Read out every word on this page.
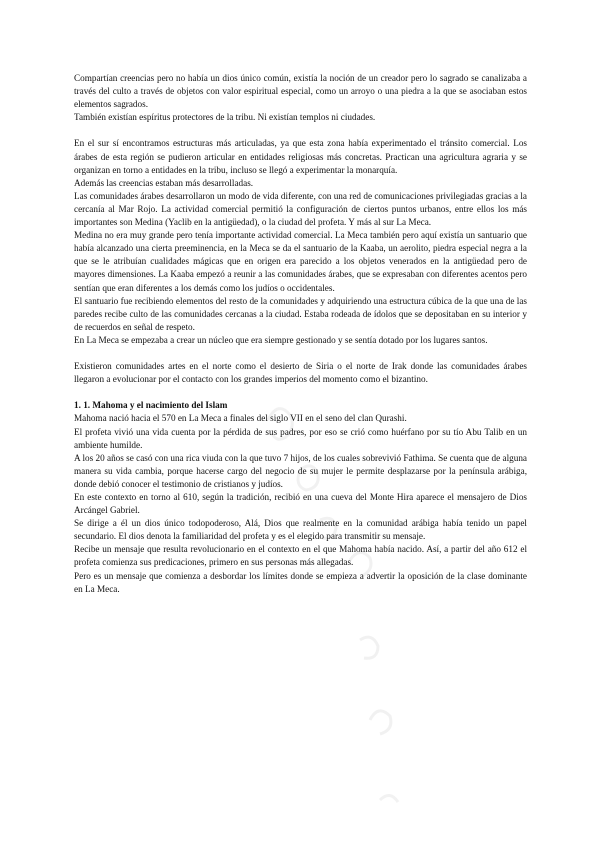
Compartían creencias pero no había un dios único común, existía la noción de un creador pero lo sagrado se canalizaba a través del culto a través de objetos con valor espiritual especial, como un arroyo o una piedra a la que se asociaban estos elementos sagrados.

También existían espíritus protectores de la tribu. Ni existían templos ni ciudades.

En el sur sí encontramos estructuras más articuladas, ya que esta zona había experimentado el tránsito comercial. Los árabes de esta región se pudieron articular en entidades religiosas más concretas. Practican una agricultura agraria y se organizan en torno a entidades en la tribu, incluso se llegó a experimentar la monarquía.

Además las creencias estaban más desarrolladas.

Las comunidades árabes desarrollaron un modo de vida diferente, con una red de comunicaciones privilegiadas gracias a la cercanía al Mar Rojo. La actividad comercial permitió la configuración de ciertos puntos urbanos, entre ellos los más importantes son Medina (Yaclib en la antigüedad), o la ciudad del profeta. Y más al sur La Meca.

Medina no era muy grande pero tenía importante actividad comercial. La Meca también pero aquí existía un santuario que había alcanzado una cierta preeminencia, en la Meca se da el santuario de la Kaaba, un aerolito, piedra especial negra a la que se le atribuían cualidades mágicas que en origen era parecido a los objetos venerados en la antigüedad pero de mayores dimensiones. La Kaaba empezó a reunir a las comunidades árabes, que se expresaban con diferentes acentos pero sentían que eran diferentes a los demás como los judíos o occidentales.

El santuario fue recibiendo elementos del resto de la comunidades y adquiriendo una estructura cúbica de la que una de las paredes recibe culto de las comunidades cercanas a la ciudad. Estaba rodeada de ídolos que se depositaban en su interior y de recuerdos en señal de respeto.

En La Meca se empezaba a crear un núcleo que era siempre gestionado y se sentía dotado por los lugares santos.

Existieron comunidades artes en el norte como el desierto de Siria o el norte de Irak donde las comunidades árabes llegaron a evolucionar por el contacto con los grandes imperios del momento como el bizantino.

1. 1. Mahoma y el nacimiento del Islam

Mahoma nació hacia el 570 en La Meca a finales del siglo VII en el seno del clan Qurashi.

El profeta vivió una vida cuenta por la pérdida de sus padres, por eso se crió como huérfano por su tío Abu Talib en un ambiente humilde.

A los 20 años se casó con una rica viuda con la que tuvo 7 hijos, de los cuales sobrevivió Fathima. Se cuenta que de alguna manera su vida cambia, porque hacerse cargo del negocio de su mujer le permite desplazarse por la península arábiga, donde debió conocer el testimonio de cristianos y judíos.

En este contexto en torno al 610, según la tradición, recibió en una cueva del Monte Hira aparece el mensajero de Dios Arcángel Gabriel.

Se dirige a él un dios único todopoderoso, Alá, Dios que realmente en la comunidad arábiga había tenido un papel secundario. El dios denota la familiaridad del profeta y es el elegido para transmitir su mensaje.

Recibe un mensaje que resulta revolucionario en el contexto en el que Mahoma había nacido. Así, a partir del año 612 el profeta comienza sus predicaciones, primero en sus personas más allegadas.

Pero es un mensaje que comienza a desbordar los límites donde se empieza a advertir la oposición de la clase dominante en La Meca.
